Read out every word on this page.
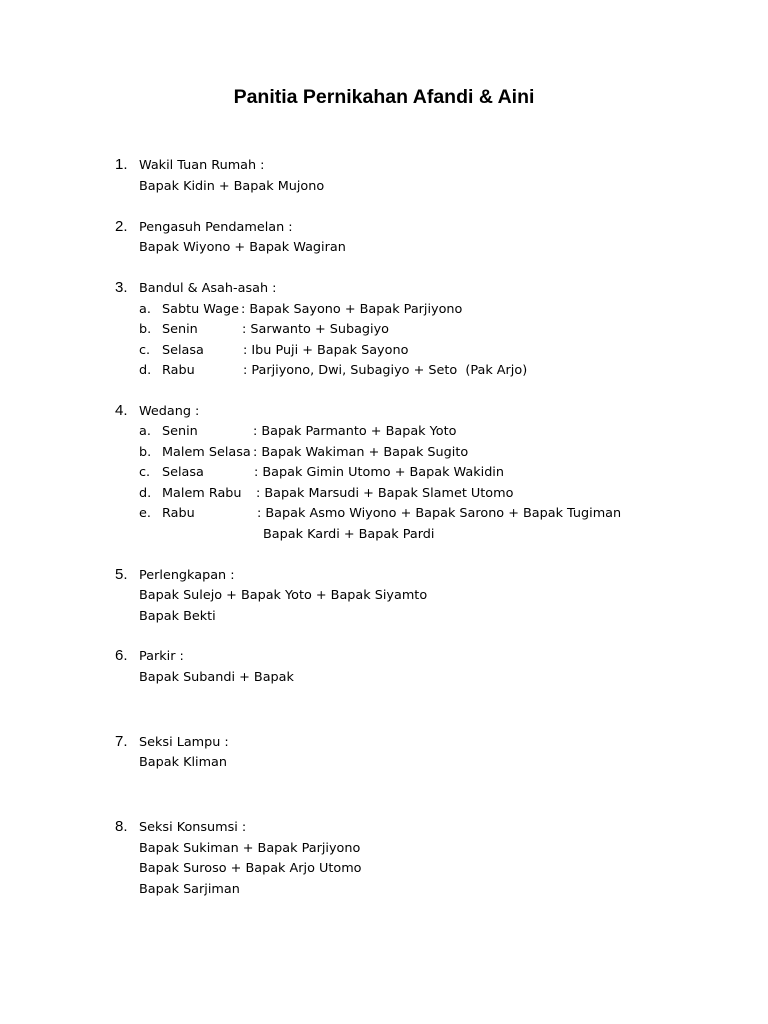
Panitia Pernikahan Afandi & Aini
1. Wakil Tuan Rumah :
Bapak Kidin + Bapak Mujono
2. Pengasuh Pendamelan :
Bapak Wiyono + Bapak Wagiran
3. Bandul & Asah-asah :
a. Sabtu Wage : Bapak Sayono + Bapak Parjiyono
b. Senin	: Sarwanto + Subagiyo
c. Selasa	: Ibu Puji + Bapak Sayono
d. Rabu	: Parjiyono, Dwi, Subagiyo + Seto  (Pak Arjo)
4. Wedang :
a. Senin	: Bapak Parmanto + Bapak Yoto
b. Malem Selasa : Bapak Wakiman + Bapak Sugito
c. Selasa	: Bapak Gimin Utomo + Bapak Wakidin
d. Malem Rabu : Bapak Marsudi + Bapak Slamet Utomo
e. Rabu	: Bapak Asmo Wiyono + Bapak Sarono + Bapak Tugiman
Bapak Kardi + Bapak Pardi
5. Perlengkapan :
Bapak Sulejo + Bapak Yoto + Bapak Siyamto
Bapak Bekti
6. Parkir :
Bapak Subandi + Bapak
7. Seksi Lampu :
Bapak Kliman
8. Seksi Konsumsi :
Bapak Sukiman + Bapak Parjiyono
Bapak Suroso + Bapak Arjo Utomo
Bapak Sarjiman
